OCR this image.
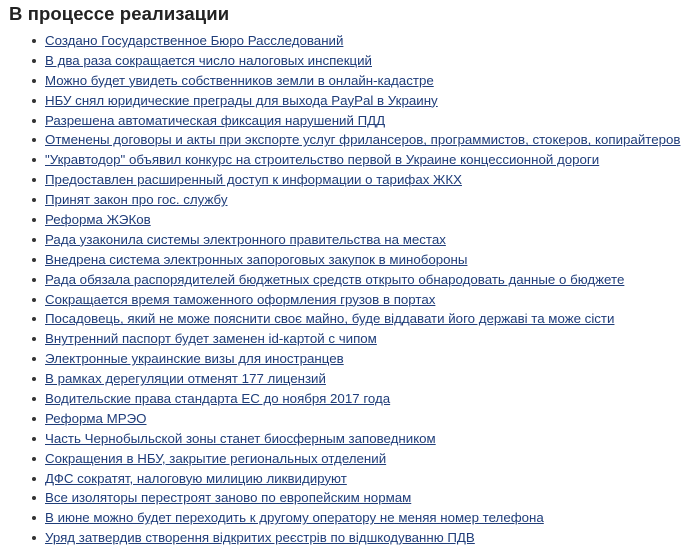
В процессе реализации
Создано Государственное Бюро Расследований
В два раза сокращается число налоговых инспекций
Можно будет увидеть собственников земли в онлайн-кадастре
НБУ снял юридические преграды для выхода PayPal в Украину
Разрешена автоматическая фиксация нарушений ПДД
Отменены договоры и акты при экспорте услуг фрилансеров, программистов, стокеров, копирайтеров
"Укравтодор" объявил конкурс на строительство первой в Украине концессионной дороги
Предоставлен расширенный доступ к информации о тарифах ЖКХ
Принят закон про гос. службу
Реформа ЖЭКов
Рада узаконила системы электронного правительства на местах
Внедрена система электронных запороговых закупок в минобороны
Рада обязала распорядителей бюджетных средств открыто обнародовать данные о бюджете
Сокращается время таможенного оформления грузов в портах
Посадовець, який не може пояснити своє майно, буде віддавати його державі та може сісти
Внутренний паспорт будет заменен id-картой с чипом
Электронные украинские визы для иностранцев
В рамках дерегуляции отменят 177 лицензий
Водительские права стандарта ЕС до ноября 2017 года
Реформа МРЭО
Часть Чернобыльской зоны станет биосферным заповедником
Сокращения в НБУ, закрытие региональных отделений
ДФС сократят, налоговую милицию ликвидируют
Все изоляторы перестроят заново по европейским нормам
В июне можно будет переходить к другому оператору не меняя номер телефона
Уряд затвердив створення відкритих реєстрів по відшкодуванню ПДВ
